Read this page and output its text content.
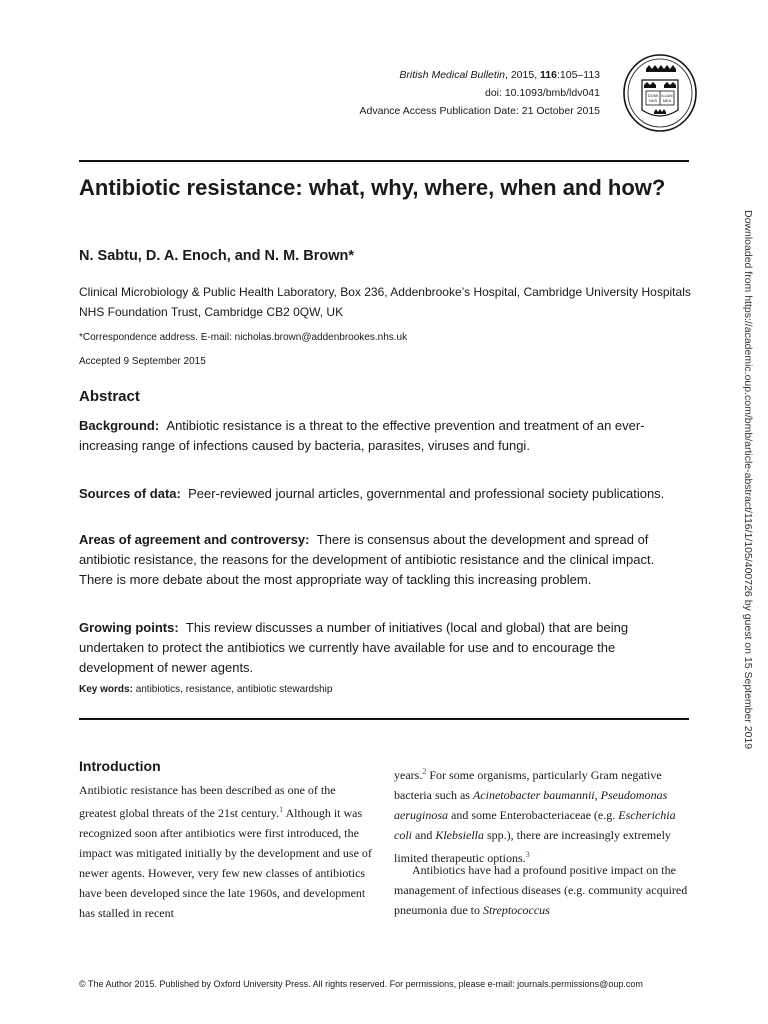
British Medical Bulletin, 2015, 116:105–113
doi: 10.1093/bmb/ldv041
Advance Access Publication Date: 21 October 2015
DOMI
NUS
ILLUM
MEA
Antibiotic resistance: what, why, where, when and how?
N. Sabtu, D. A. Enoch, and N. M. Brown*
Clinical Microbiology & Public Health Laboratory, Box 236, Addenbrooke’s Hospital, Cambridge University Hospitals NHS Foundation Trust, Cambridge CB2 0QW, UK
*Correspondence address. E-mail: nicholas.brown@addenbrookes.nhs.uk
Accepted 9 September 2015
Abstract

Background: Antibiotic resistance is a threat to the effective prevention and treatment of an ever-increasing range of infections caused by bacteria, parasites, viruses and fungi.

Sources of data: Peer-reviewed journal articles, governmental and professional society publications.

Areas of agreement and controversy: There is consensus about the development and spread of antibiotic resistance, the reasons for the development of antibiotic resistance and the clinical impact. There is more debate about the most appropriate way of tackling this increasing problem.

Growing points: This review discusses a number of initiatives (local and global) that are being undertaken to protect the antibiotics we currently have available for use and to encourage the development of newer agents.

Key words: antibiotics, resistance, antibiotic stewardship
Introduction

Antibiotic resistance has been described as one of the greatest global threats of the 21st century.$^1$ Although it was recognized soon after antibiotics were first introduced, the impact was mitigated initially by the development and use of newer agents. However, very few new classes of antibiotics have been developed since the late 1960s, and development has stalled in recent

years.$^2$ For some organisms, particularly Gram negative bacteria such as Acinetobacter baumannii, Pseudomonas aeruginosa and some Enterobacteriaceae (e.g. Escherichia coli and Klebsiella spp.), there are increasingly extremely limited therapeutic options.$^3$

Antibiotics have had a profound positive impact on the management of infectious diseases (e.g. community acquired pneumonia due to Streptococcus

Downloaded from https://academic.oup.com/bmb/article-abstract/116/1/105/400726 by guest on 15 September 2019
© The Author 2015. Published by Oxford University Press. All rights reserved. For permissions, please e-mail: journals.permissions@oup.com
